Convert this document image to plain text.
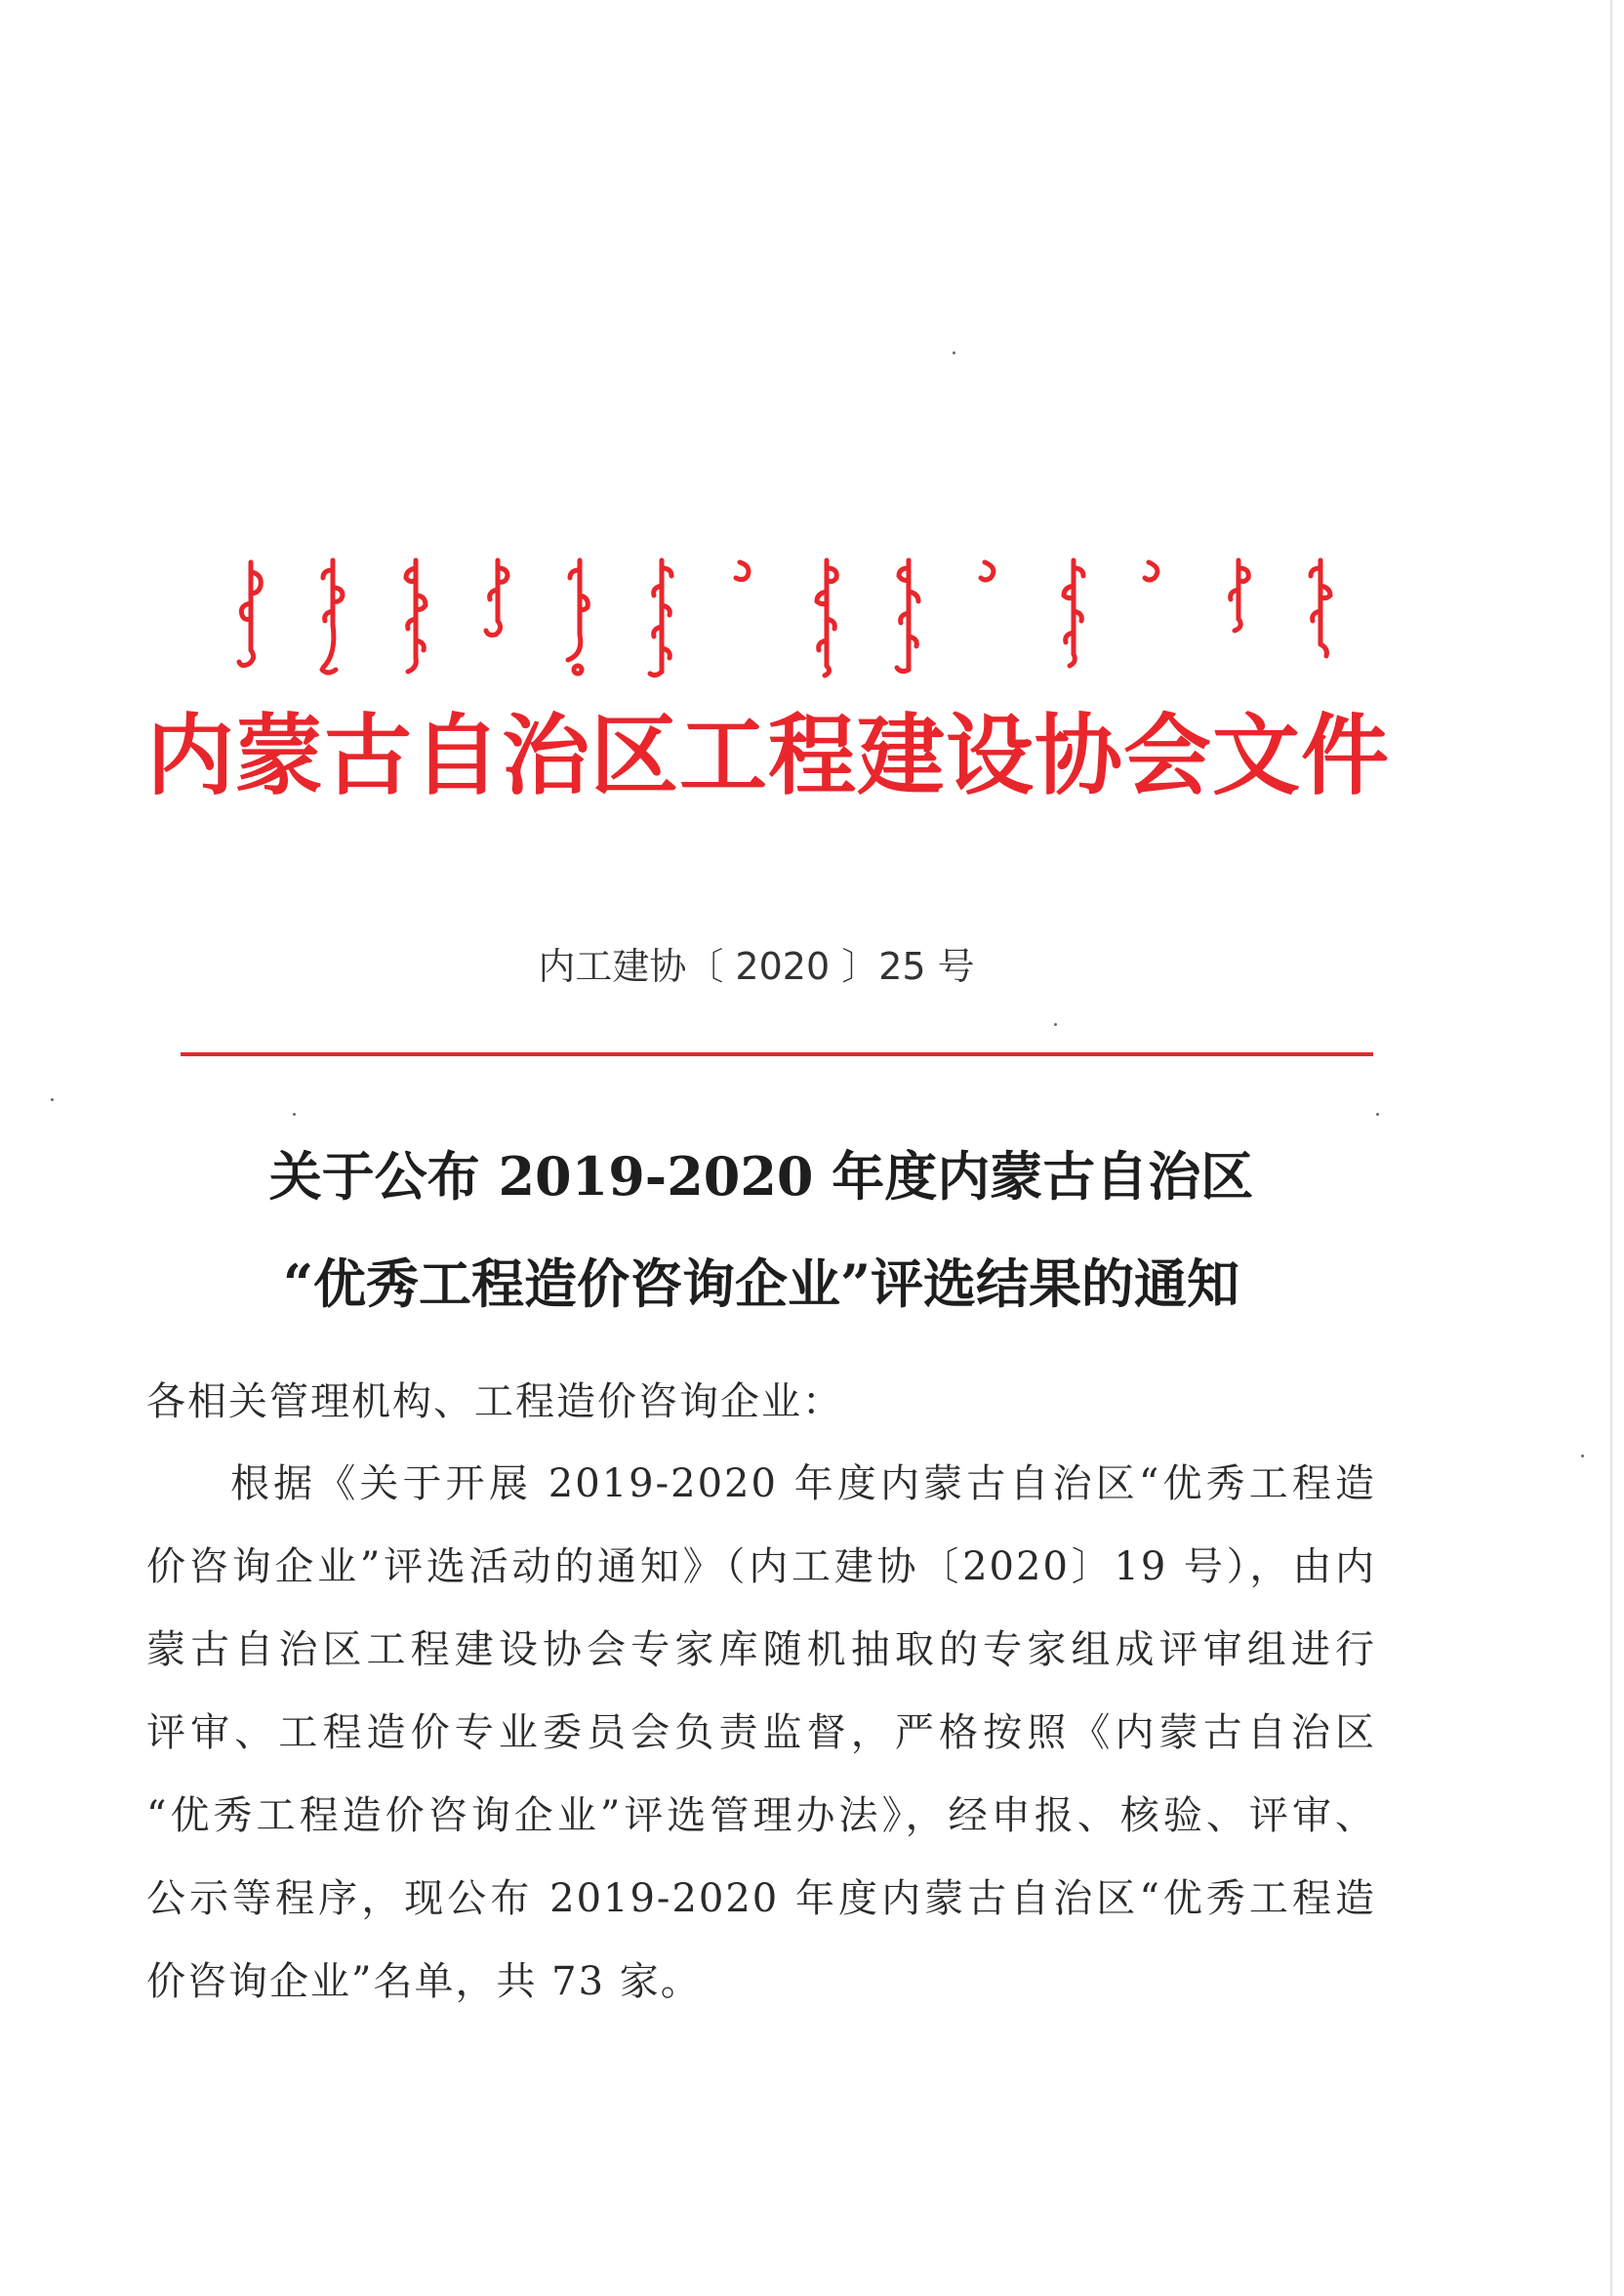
内蒙古自治区工程建设协会文件
内工建协〔 2020 〕25 号
关于公布 2019-2020 年度内蒙古自治区
“优秀工程造价咨询企业”评选结果的通知
各相关管理机构、工程造价咨询企业：
根据《关于开展 2019-2020 年度内蒙古自治区“优秀工程造
价咨询企业”评选活动的通知》（内工建协〔2020〕19 号），由内
蒙古自治区工程建设协会专家库随机抽取的专家组成评审组进行
评审、工程造价专业委员会负责监督，严格按照《内蒙古自治区
“优秀工程造价咨询企业”评选管理办法》，经申报、核验、评审、
公示等程序，现公布 2019-2020 年度内蒙古自治区“优秀工程造
价咨询企业”名单，共 73 家。
